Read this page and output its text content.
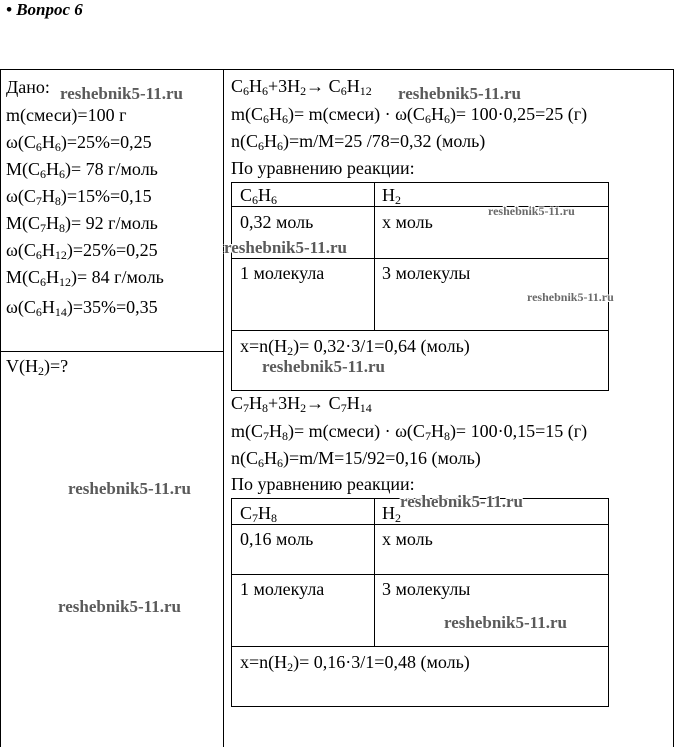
• Вопрос 6
Дано:
m(смеси)=100 г
$\omega(C_6H_6)=25\%=0,25$
$M(C_6H_6)= 78$ г/моль
$\omega(C_7H_8)=15\%=0,15$
$M(C_7H_8)= 92$ г/моль
$\omega(C_6H_{12})=25\%=0,25$
$M(C_6H_{12})= 84$ г/моль
$\omega(C_6H_{14})=35\%=0,35$
$V(H_2)=$?
$C_6H_6+3H_2\to C_6H_{12}$
$m(C_6H_6)=$ m(смеси) · $\omega(C_6H_6)= 100\cdot 0,25=25$ (г)
$n(C_6H_6)=m/M=25$ /78=0,32 (моль)
По уравнению реакции:
$C_6H_6$	$H_2$
0,32 моль	x моль
1 молекула	3 молекулы
$x=n(H_2)= 0,32\cdot 3/1=0,64$ (моль)
$C_7H_8+3H_2\to C_7H_{14}$
$m(C_7H_8)=$ m(смеси) · $\omega(C_7H_8)= 100\cdot 0,15=15$ (г)
$n(C_6H_6)=m/M=15/92=0,16$ (моль)
По уравнению реакции:
$C_7H_8$	$H_2$
0,16 моль	x моль
1 молекула	3 молекулы
$x=n(H_2)= 0,16\cdot 3/1=0,48$ (моль)
reshebnik5-11.ru	reshebnik5-11.ru
reshebnik5-11.ru
reshebnik5-11.ru
reshebnik5-11.ru
reshebnik5-11.ru
reshebnik5-11.ru
reshebnik5-11.ru
reshebnik5-11.ru
reshebnik5-11.ru
